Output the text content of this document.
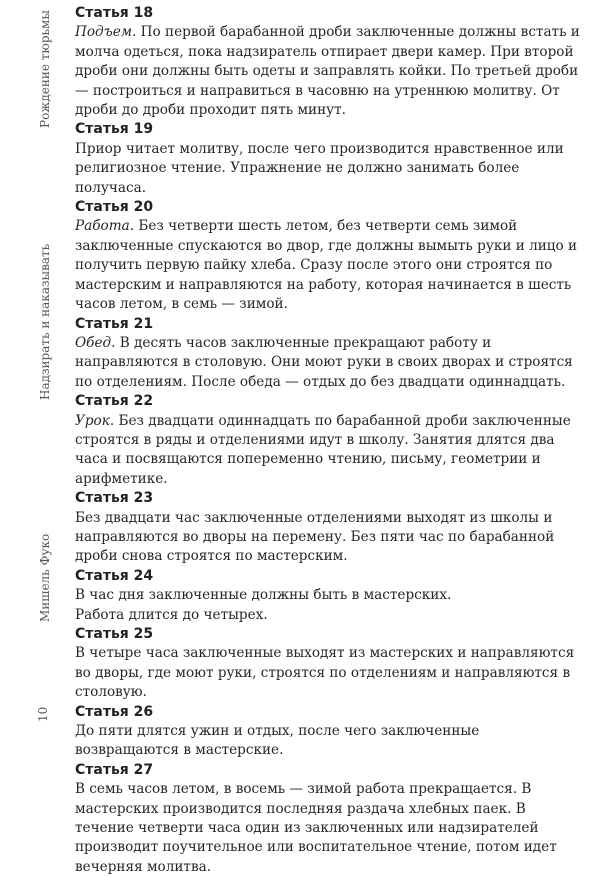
Рождение тюрьмы
Надзирать и наказывать
Мишель Фуко
10
Статья 18

Подъем. По первой барабанной дроби заключенные должны встать и молча одеться, пока надзиратель отпирает двери камер. При второй дроби они должны быть одеты и заправлять койки. По третьей дроби — построиться и направиться в часовню на утреннюю молитву. От дроби до дроби проходит пять минут.

Статья 19

Приор читает молитву, после чего производится нравственное или религиозное чтение. Упражнение не должно занимать более получаса.

Статья 20

Работа. Без четверти шесть летом, без четверти семь зимой заключенные спускаются во двор, где должны вымыть руки и лицо и получить первую пайку хлеба. Сразу после этого они строятся по мастерским и направляются на работу, которая начинается в шесть часов летом, в семь — зимой.

Статья 21

Обед. В десять часов заключенные прекращают работу и направляются в столовую. Они моют руки в своих дворах и строятся по отделениям. После обеда — отдых до без двадцати одиннадцать.

Статья 22

Урок. Без двадцати одиннадцать по барабанной дроби заключенные строятся в ряды и отделениями идут в школу. Занятия длятся два часа и посвящаются попеременно чтению, письму, геометрии и арифметике.

Статья 23

Без двадцати час заключенные отделениями выходят из школы и направляются во дворы на перемену. Без пяти час по барабанной дроби снова строятся по мастерским.

Статья 24

В час дня заключенные должны быть в мастерских.

Работа длится до четырех.

Статья 25

В четыре часа заключенные выходят из мастерских и направляются во дворы, где моют руки, строятся по отделениям и направляются в столовую.

Статья 26

До пяти длятся ужин и отдых, после чего заключенные возвращаются в мастерские.

Статья 27

В семь часов летом, в восемь — зимой работа прекращается. В мастерских производится последняя раздача хлебных паек. В течение четверти часа один из заключенных или надзирателей производит поучительное или воспитательное чтение, потом идет вечерняя молитва.
